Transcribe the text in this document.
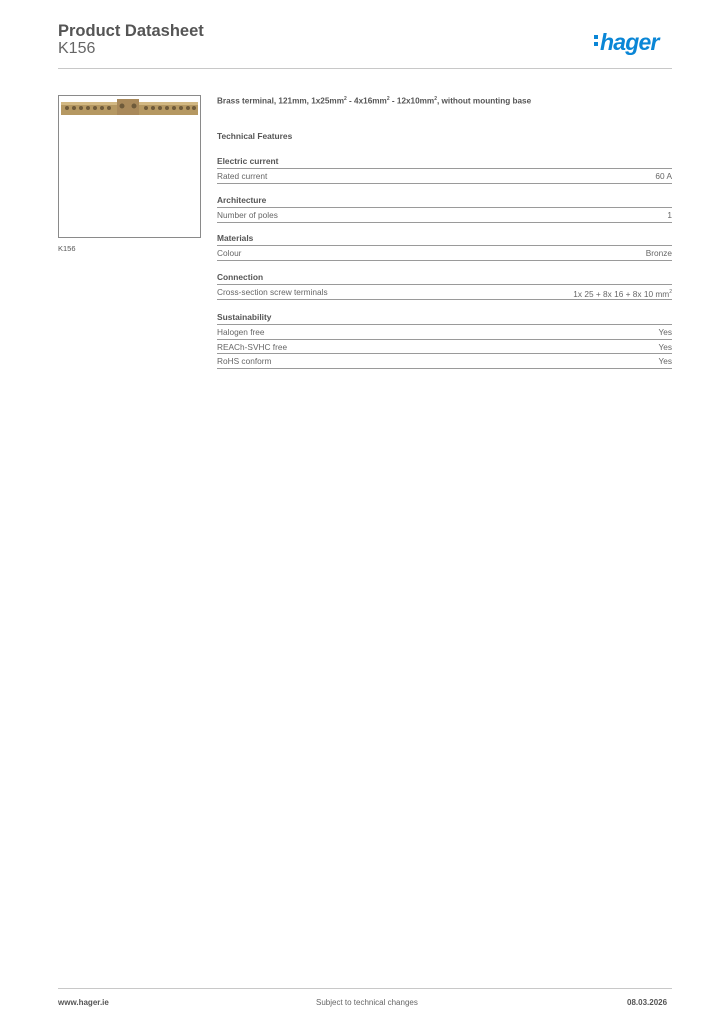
Product Datasheet
K156	hager
K156
Brass terminal, 121mm, $1x25mm^2 - 4x16mm^2 - 12x10mm^2$, without mounting base
Technical Features
Electric current
Rated current	60 A
Architecture
Number of poles	1
Materials
Colour	Bronze
Connection
Cross-section screw terminals	1x 25 + 8x 16 + 8x 10 $mm^2$
Sustainability
Halogen free	Yes
REACh-SVHC free	Yes
RoHS conform	Yes
www.hager.ie	Subject to technical changes	08.03.2026
